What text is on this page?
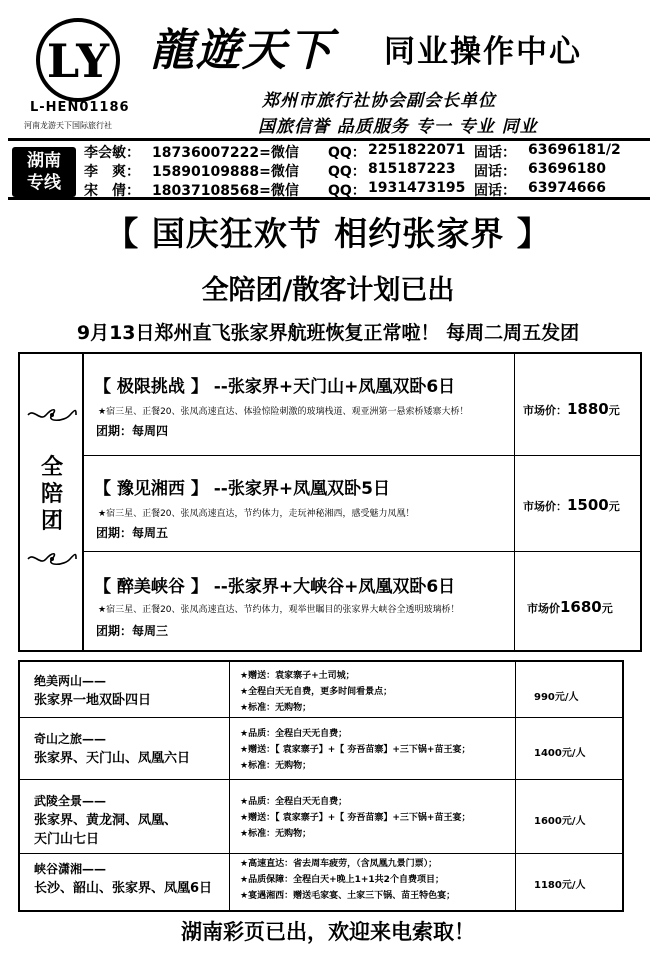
LY
L-HEN01186
河南龙游天下国际旅行社
龍遊天下 同业操作中心
郑州市旅行社协会副会长单位
国旅信誉 品质服务 专一 专业 同业
湖南
专线
李会敏： 18736007222=微信 QQ： 2251822071 固话： 63696181/2
李　爽： 15890109888=微信 QQ： 815187223 固话： 63696180
宋　倩： 18037108568=微信 QQ： 1931473195 固话： 63974666
【 国庆狂欢节 相约张家界 】
全陪团/散客计划已出
9月13日郑州直飞张家界航班恢复正常啦！ 每周二周五发团
全
陪
团
【 极限挑战 】 --张家界+天门山+凤凰双卧6日
★宿三星、正餐20、张凤高速直达、体验惊险刺激的玻璃栈道、观亚洲第一悬索桥矮寨大桥！
团期：每周四
市场价：1880元
【 豫见湘西 】 --张家界+凤凰双卧5日
★宿三星、正餐20、张凤高速直达，节约体力，走玩神秘湘西，感受魅力凤凰！
团期：每周五
市场价：1500元
【 醉美峡谷 】 --张家界+大峡谷+凤凰双卧6日
★宿三星、正餐20、张凤高速直达、节约体力，观举世瞩目的张家界大峡谷全透明玻璃桥！
团期：每周三
市场价1680元
绝美两山——
张家界一地双卧四日
★赠送：袁家寨子+土司城；
★全程白天无自费，更多时间看景点；
★标准：无购物；
990元/人
奇山之旅——
张家界、天门山、凤凰六日
★品质：全程白天无自费；
★赠送：【 袁家寨子】+【 夯吾苗寨】+三下锅+苗王宴；
★标准：无购物；
1400元/人
武陵全景——
张家界、黄龙洞、凤凰、
天门山七日
★品质：全程白天无自费；
★赠送：【 袁家寨子】+【 夯吾苗寨】+三下锅+苗王宴；
★标准：无购物；
1600元/人
峡谷潇湘——
长沙、韶山、张家界、凤凰6日
★高速直达：省去周车疲劳，（含凤凰九景门票）；
★品质保障：全程白天+晚上1+1共2个自费项目；
★宴遇湘西：赠送毛家宴、土家三下锅、苗王特色宴；
1180元/人
湖南彩页已出，欢迎来电索取！
